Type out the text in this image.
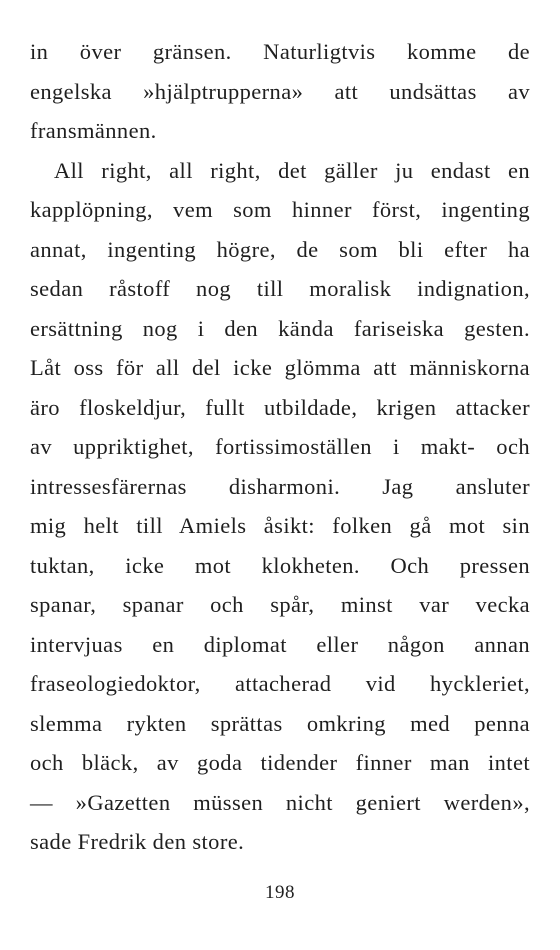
in över gränsen. Naturligtvis komme de
engelska »hjälptrupperna» att undsättas av
fransmännen.
All right, all right, det gäller ju endast en
kapplöpning, vem som hinner först, ingenting
annat, ingenting högre, de som bli efter ha
sedan råstoff nog till moralisk indignation,
ersättning nog i den kända fariseiska gesten.
Låt oss för all del icke glömma att människorna
äro floskeldjur, fullt utbildade, krigen attacker
av uppriktighet, fortissimoställen i makt- och
intressesfärernas disharmoni. Jag ansluter
mig helt till Amiels åsikt: folken gå mot sin
tuktan, icke mot klokheten. Och pressen
spanar, spanar och spår, minst var vecka
intervjuas en diplomat eller någon annan
fraseologiedoktor, attacherad vid hyckleriet,
slemma rykten sprättas omkring med penna
och bläck, av goda tidender finner man intet
— »Gazetten müssen nicht geniert werden»,
sade Fredrik den store.
198
